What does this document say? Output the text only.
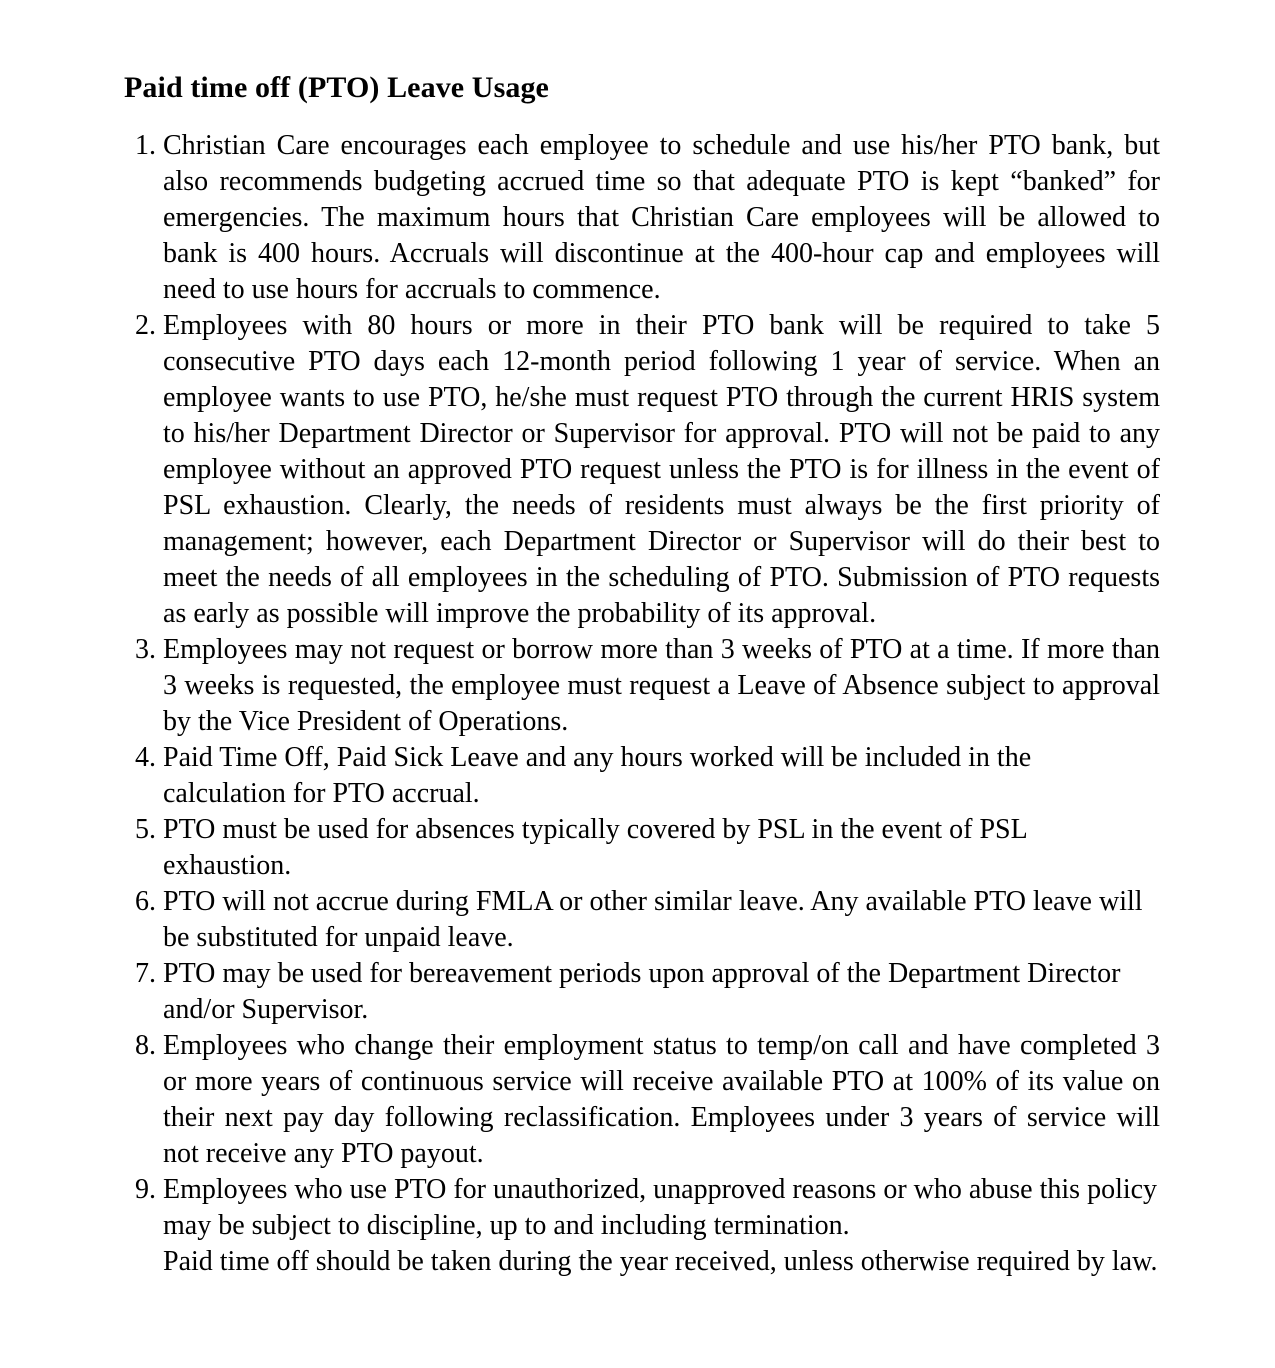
Paid time off (PTO) Leave Usage
1. Christian Care encourages each employee to schedule and use his/her PTO bank, but also recommends budgeting accrued time so that adequate PTO is kept “banked” for emergencies. The maximum hours that Christian Care employees will be allowed to bank is 400 hours. Accruals will discontinue at the 400-hour cap and employees will need to use hours for accruals to commence.
2. Employees with 80 hours or more in their PTO bank will be required to take 5 consecutive PTO days each 12-month period following 1 year of service. When an employee wants to use PTO, he/she must request PTO through the current HRIS system to his/her Department Director or Supervisor for approval. PTO will not be paid to any employee without an approved PTO request unless the PTO is for illness in the event of PSL exhaustion. Clearly, the needs of residents must always be the first priority of management; however, each Department Director or Supervisor will do their best to meet the needs of all employees in the scheduling of PTO. Submission of PTO requests as early as possible will improve the probability of its approval.
3. Employees may not request or borrow more than 3 weeks of PTO at a time. If more than 3 weeks is requested, the employee must request a Leave of Absence subject to approval by the Vice President of Operations.
4. Paid Time Off, Paid Sick Leave and any hours worked will be included in the calculation for PTO accrual.
5. PTO must be used for absences typically covered by PSL in the event of PSL exhaustion.
6. PTO will not accrue during FMLA or other similar leave. Any available PTO leave will be substituted for unpaid leave.
7. PTO may be used for bereavement periods upon approval of the Department Director and/or Supervisor.
8. Employees who change their employment status to temp/on call and have completed 3 or more years of continuous service will receive available PTO at 100% of its value on their next pay day following reclassification. Employees under 3 years of service will not receive any PTO payout.
9. Employees who use PTO for unauthorized, unapproved reasons or who abuse this policy may be subject to discipline, up to and including termination.
Paid time off should be taken during the year received, unless otherwise required by law.
